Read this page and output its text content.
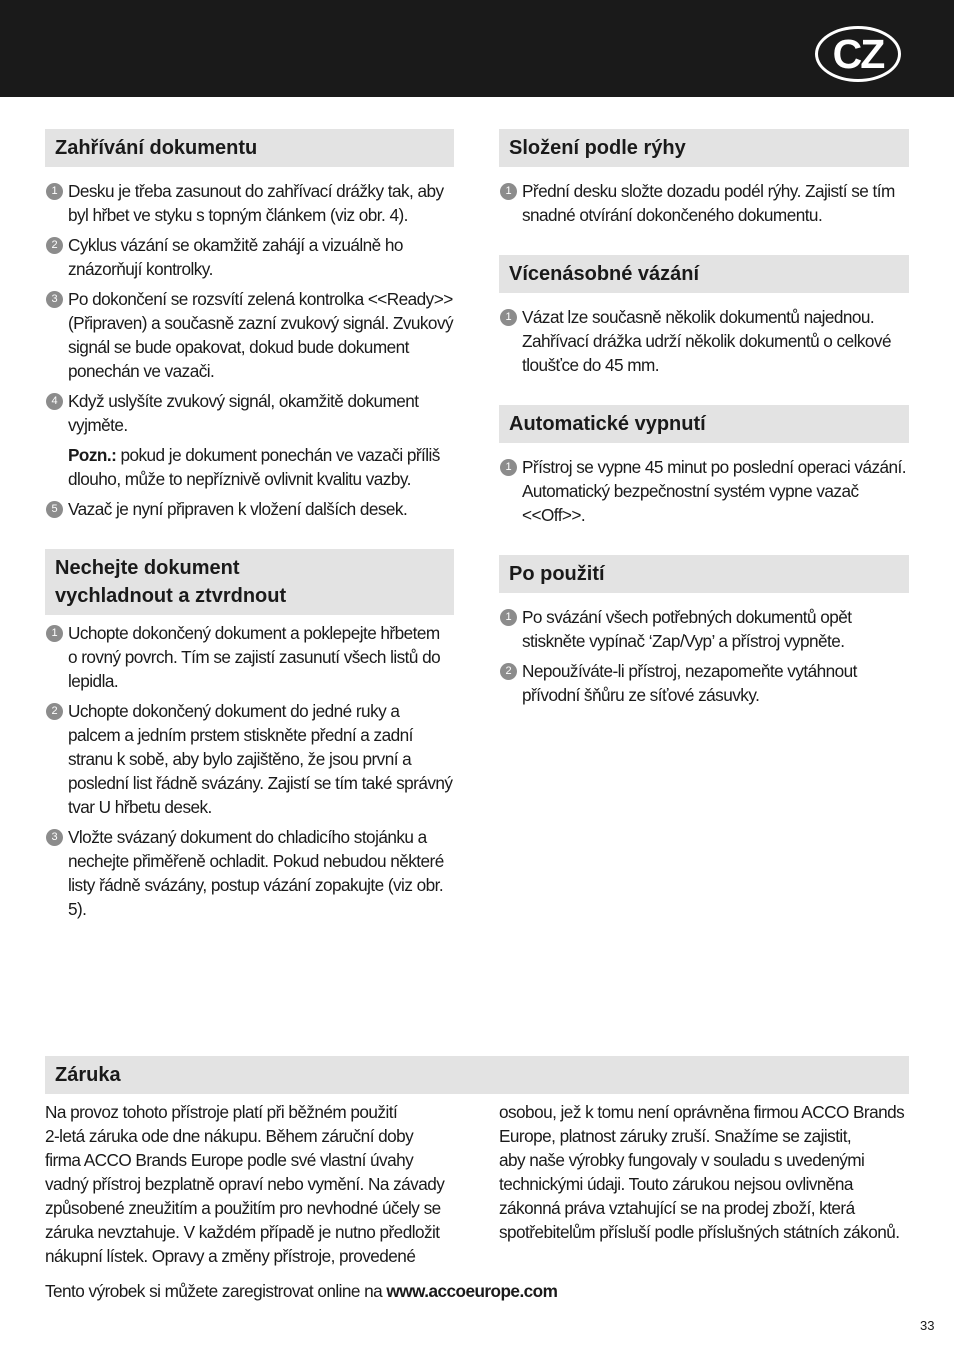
CZ
Zahřívání dokumentu
1 Desku je třeba zasunout do zahřívací drážky tak, aby
byl hřbet ve styku s topným článkem (viz obr. 4).
2 Cyklus vázání se okamžitě zahájí a vizuálně ho
znázorňují kontrolky.
3 Po dokončení se rozsvítí zelená kontrolka <<Ready>>
(Připraven) a současně zazní zvukový signál. Zvukový
signál se bude opakovat, dokud bude dokument
ponechán ve vazači.
4 Když uslyšíte zvukový signál, okamžitě dokument
vyjměte.
Pozn.: pokud je dokument ponechán ve vazači příliš
dlouho, může to nepříznivě ovlivnit kvalitu vazby.
5 Vazač je nyní připraven k vložení dalších desek.
Nechejte dokument
vychladnout a ztvrdnout
1 Uchopte dokončený dokument a poklepejte hřbetem
o rovný povrch. Tím se zajistí zasunutí všech listů do
lepidla.
2 Uchopte dokončený dokument do jedné ruky a
palcem a jedním prstem stiskněte přední a zadní
stranu k sobě, aby bylo zajištěno, že jsou první a
poslední list řádně svázány. Zajistí se tím také správný
tvar U hřbetu desek.
3 Vložte svázaný dokument do chladicího stojánku a
nechejte přiměřeně ochladit. Pokud nebudou některé
listy řádně svázány, postup vázání zopakujte (viz obr.
5).
Složení podle rýhy
1 Přední desku složte dozadu podél rýhy. Zajistí se tím
snadné otvírání dokončeného dokumentu.
Vícenásobné vázání
1 Vázat lze současně několik dokumentů najednou.
Zahřívací drážka udrží několik dokumentů o celkové
tloušťce do 45 mm.
Automatické vypnutí
1 Přístroj se vypne 45 minut po poslední operaci vázání.
Automatický bezpečnostní systém vypne vazač
<<Off>>.
Po použití
1 Po svázání všech potřebných dokumentů opět
stiskněte vypínač ‘Zap/Vyp’ a přístroj vypněte.
2 Nepoužíváte-li přístroj, nezapomeňte vytáhnout
přívodní šňůru ze síťové zásuvky.
Záruka
Na provoz tohoto přístroje platí při běžném použití
2-letá záruka ode dne nákupu. Během záruční doby
firma ACCO Brands Europe podle své vlastní úvahy
vadný přístroj bezplatně opraví nebo vymění. Na závady
způsobené zneužitím a použitím pro nevhodné účely se
záruka nevztahuje. V každém případě je nutno předložit
nákupní lístek. Opravy a změny přístroje, provedené
osobou, jež k tomu není oprávněna firmou ACCO Brands
Europe, platnost záruky zruší. Snažíme se zajistit,
aby naše výrobky fungovaly v souladu s uvedenými
technickými údaji. Touto zárukou nejsou ovlivněna
zákonná práva vztahující se na prodej zboží, která
spotřebitelům přísluší podle příslušných státních zákonů.
Tento výrobek si můžete zaregistrovat online na www.accoeurope.com
33
